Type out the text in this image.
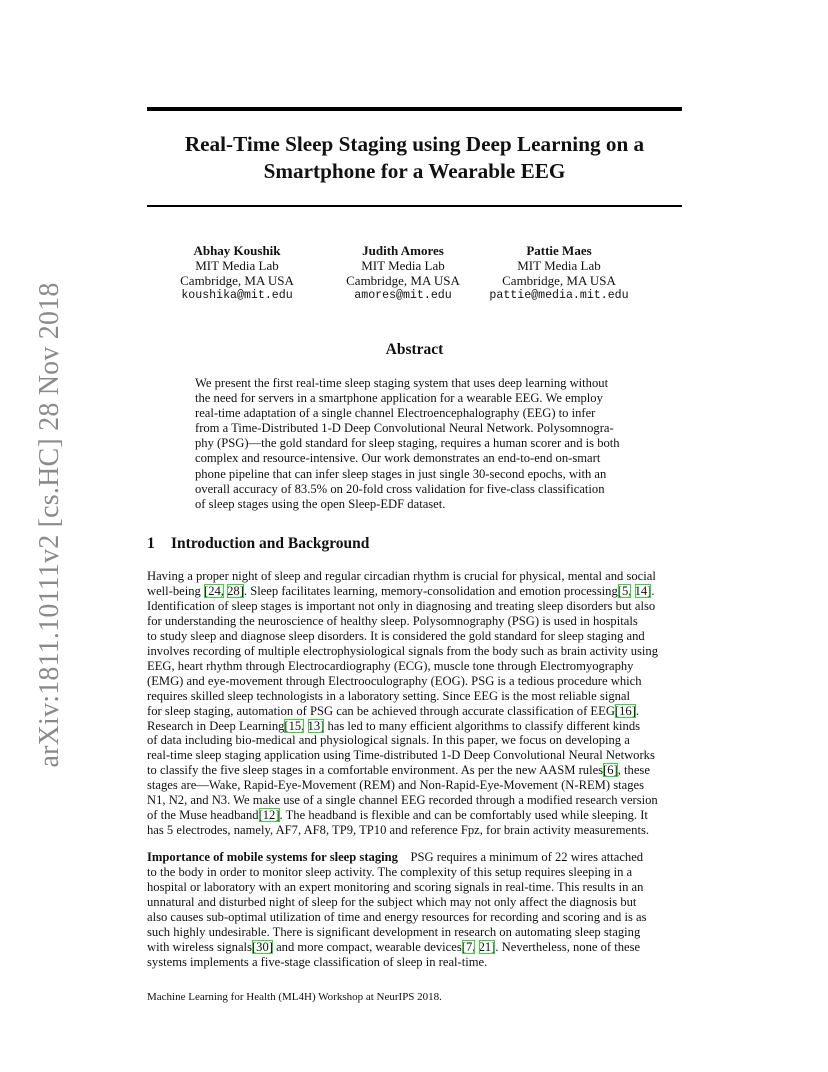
arXiv:1811.10111v2 [cs.HC] 28 Nov 2018
Real-Time Sleep Staging using Deep Learning on a
Smartphone for a Wearable EEG
Abhay Koushik
MIT Media Lab
Cambridge, MA USA
koushika@mit.edu
Judith Amores
MIT Media Lab
Cambridge, MA USA
amores@mit.edu
Pattie Maes
MIT Media Lab
Cambridge, MA USA
pattie@media.mit.edu
Abstract
We present the first real-time sleep staging system that uses deep learning without
the need for servers in a smartphone application for a wearable EEG. We employ
real-time adaptation of a single channel Electroencephalography (EEG) to infer
from a Time-Distributed 1-D Deep Convolutional Neural Network. Polysomnogra-
phy (PSG)—the gold standard for sleep staging, requires a human scorer and is both
complex and resource-intensive. Our work demonstrates an end-to-end on-smart
phone pipeline that can infer sleep stages in just single 30-second epochs, with an
overall accuracy of 83.5% on 20-fold cross validation for five-class classification
of sleep stages using the open Sleep-EDF dataset.
1 Introduction and Background
Having a proper night of sleep and regular circadian rhythm is crucial for physical, mental and social
well-being [24, 28]. Sleep facilitates learning, memory-consolidation and emotion processing[5, 14].
Identification of sleep stages is important not only in diagnosing and treating sleep disorders but also
for understanding the neuroscience of healthy sleep. Polysomnography (PSG) is used in hospitals
to study sleep and diagnose sleep disorders. It is considered the gold standard for sleep staging and
involves recording of multiple electrophysiological signals from the body such as brain activity using
EEG, heart rhythm through Electrocardiography (ECG), muscle tone through Electromyography
(EMG) and eye-movement through Electrooculography (EOG). PSG is a tedious procedure which
requires skilled sleep technologists in a laboratory setting. Since EEG is the most reliable signal
for sleep staging, automation of PSG can be achieved through accurate classification of EEG[16].
Research in Deep Learning[15, 13] has led to many efficient algorithms to classify different kinds
of data including bio-medical and physiological signals. In this paper, we focus on developing a
real-time sleep staging application using Time-distributed 1-D Deep Convolutional Neural Networks
to classify the five sleep stages in a comfortable environment. As per the new AASM rules[6], these
stages are—Wake, Rapid-Eye-Movement (REM) and Non-Rapid-Eye-Movement (N-REM) stages
N1, N2, and N3. We make use of a single channel EEG recorded through a modified research version
of the Muse headband[12]. The headband is flexible and can be comfortably used while sleeping. It
has 5 electrodes, namely, AF7, AF8, TP9, TP10 and reference Fpz, for brain activity measurements.
Importance of mobile systems for sleep staging  PSG requires a minimum of 22 wires attached
to the body in order to monitor sleep activity. The complexity of this setup requires sleeping in a
hospital or laboratory with an expert monitoring and scoring signals in real-time. This results in an
unnatural and disturbed night of sleep for the subject which may not only affect the diagnosis but
also causes sub-optimal utilization of time and energy resources for recording and scoring and is as
such highly undesirable. There is significant development in research on automating sleep staging
with wireless signals[30] and more compact, wearable devices[7, 21]. Nevertheless, none of these
systems implements a five-stage classification of sleep in real-time.
Machine Learning for Health (ML4H) Workshop at NeurIPS 2018.
